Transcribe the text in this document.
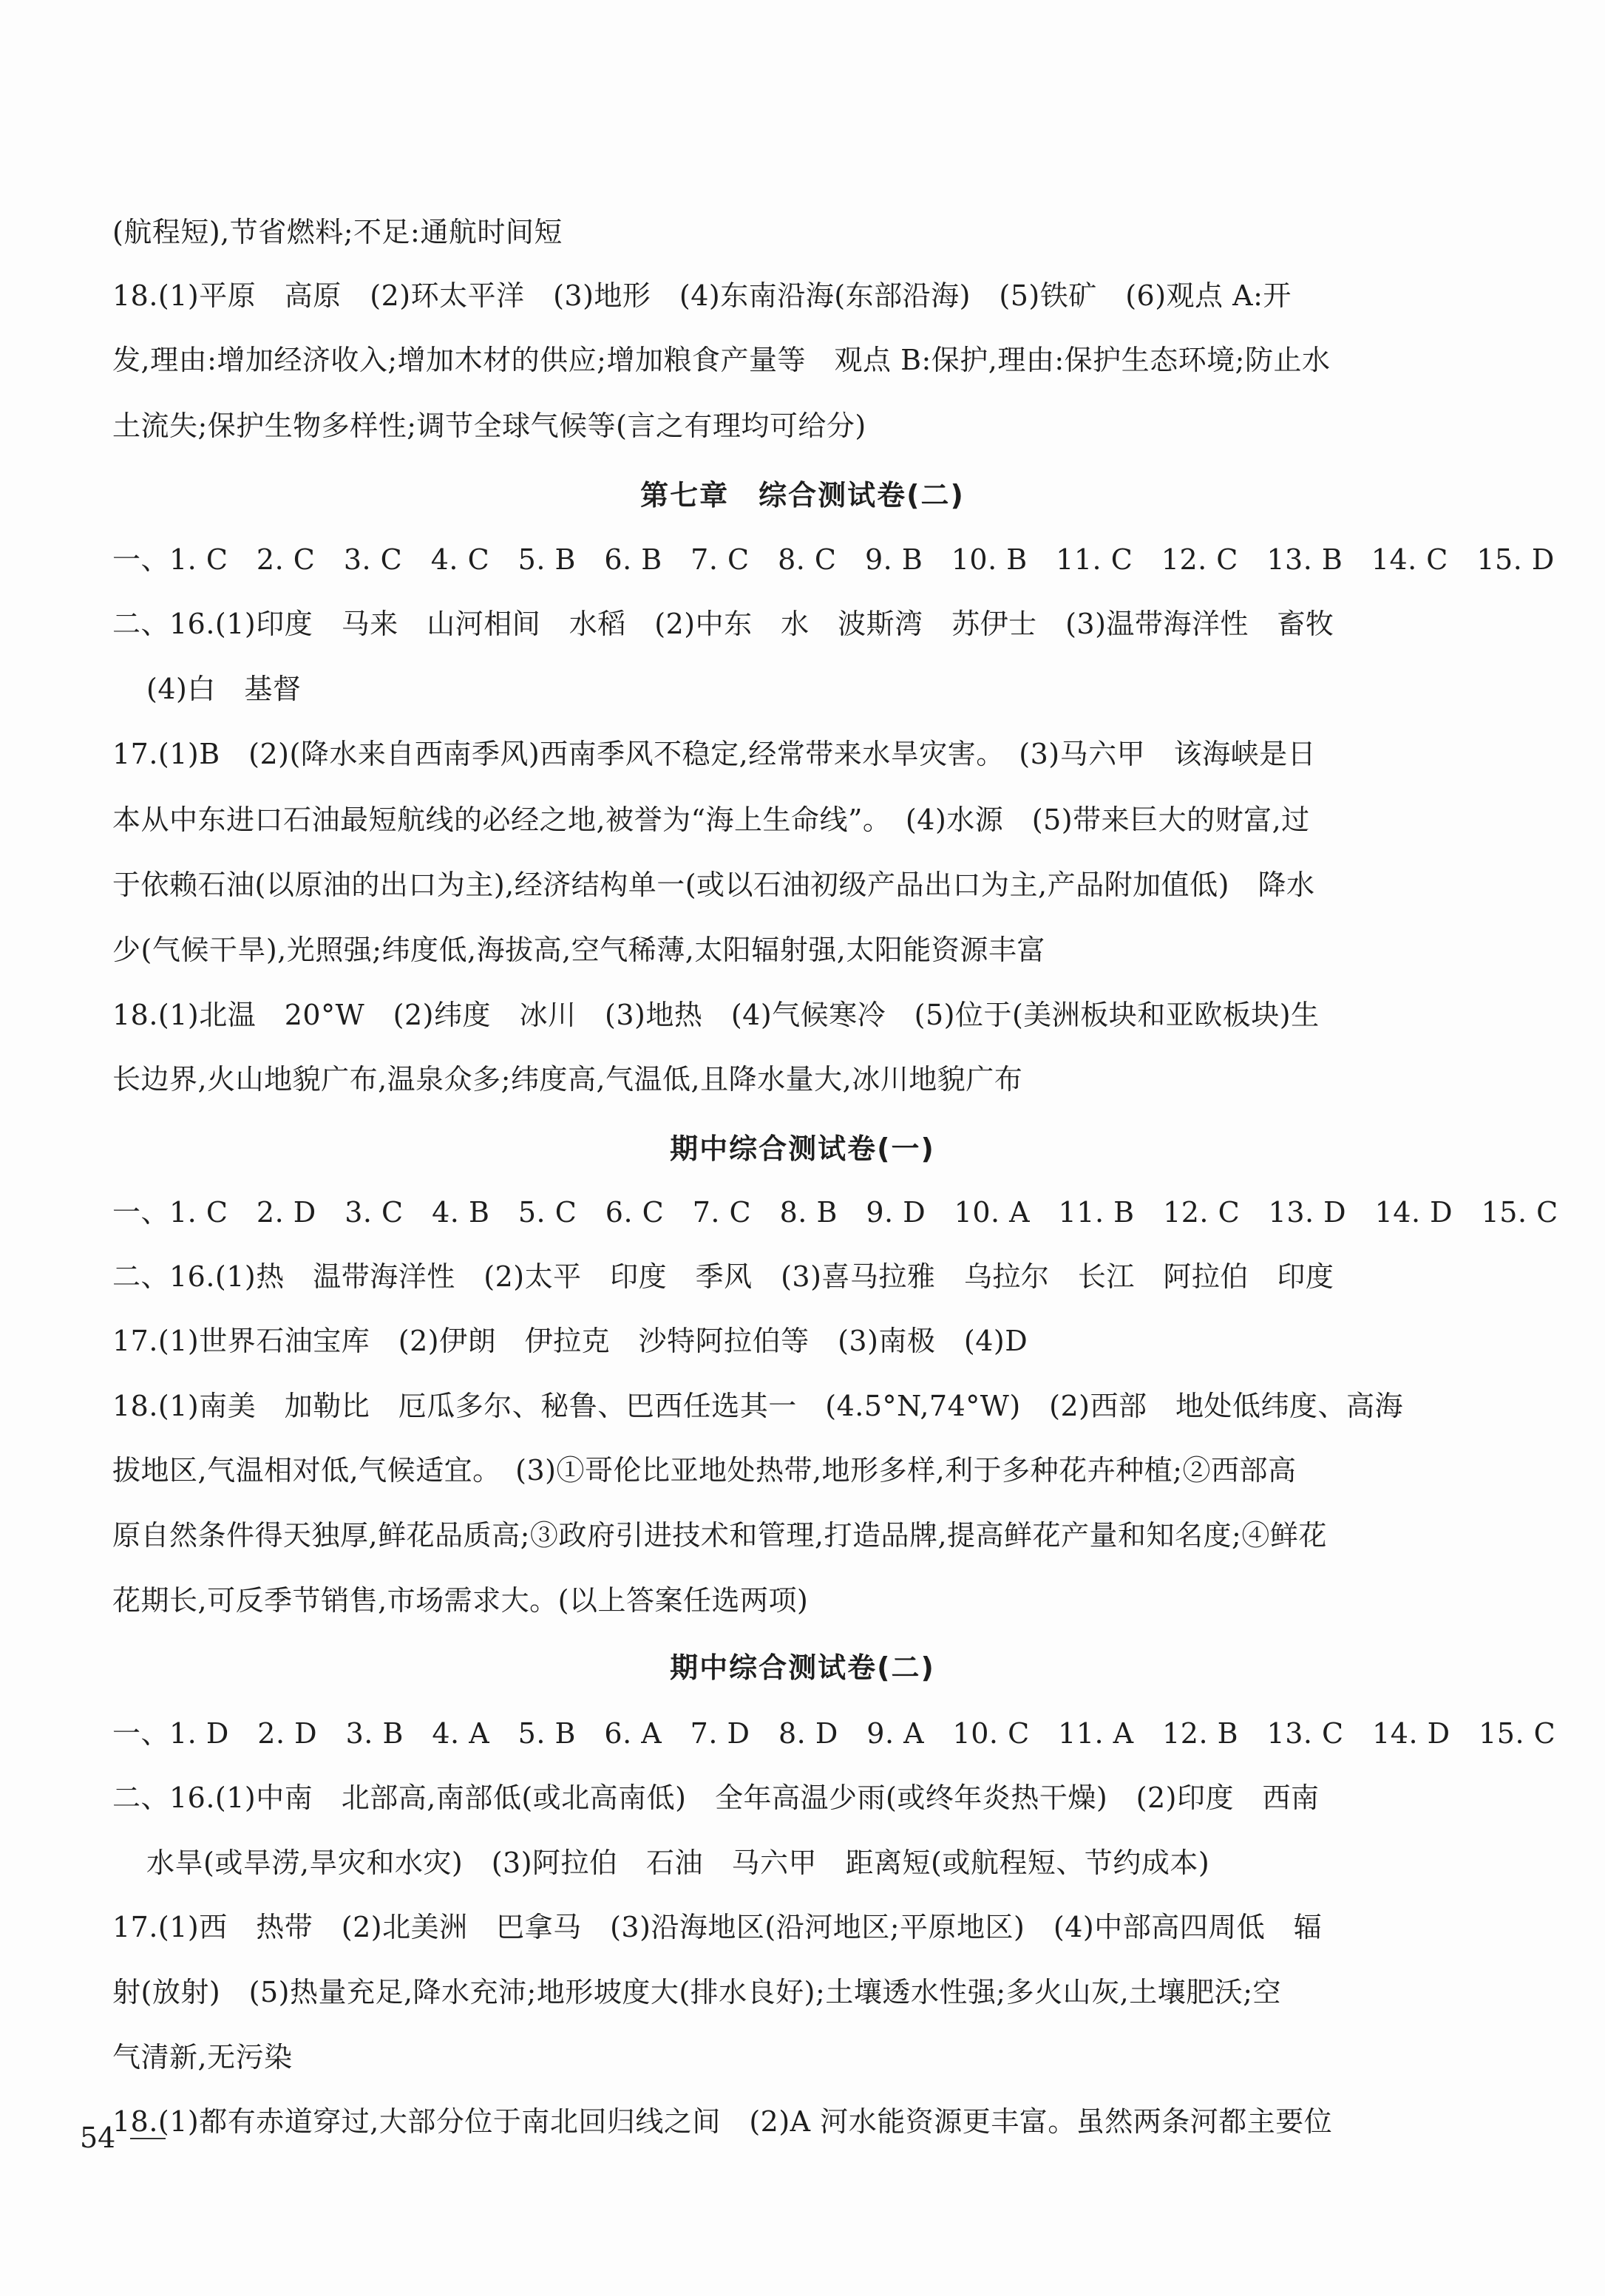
(航程短),节省燃料;不足:通航时间短
18.(1)平原　高原　(2)环太平洋　(3)地形　(4)东南沿海(东部沿海)　(5)铁矿　(6)观点 A:开
发,理由:增加经济收入;增加木材的供应;增加粮食产量等　观点 B:保护,理由:保护生态环境;防止水
土流失;保护生物多样性;调节全球气候等(言之有理均可给分)
第七章　综合测试卷(二)
一、1. C　2. C　3. C　4. C　5. B　6. B　7. C　8. C　9. B　10. B　11. C　12. C　13. B　14. C　15. D
二、16.(1)印度　马来　山河相间　水稻　(2)中东　水　波斯湾　苏伊士　(3)温带海洋性　畜牧
(4)白　基督
17.(1)B　(2)(降水来自西南季风)西南季风不稳定,经常带来水旱灾害。　(3)马六甲　该海峡是日
本从中东进口石油最短航线的必经之地,被誉为“海上生命线”。　(4)水源　(5)带来巨大的财富,过
于依赖石油(以原油的出口为主),经济结构单一(或以石油初级产品出口为主,产品附加值低)　降水
少(气候干旱),光照强;纬度低,海拔高,空气稀薄,太阳辐射强,太阳能资源丰富
18.(1)北温　20°W　(2)纬度　冰川　(3)地热　(4)气候寒冷　(5)位于(美洲板块和亚欧板块)生
长边界,火山地貌广布,温泉众多;纬度高,气温低,且降水量大,冰川地貌广布
期中综合测试卷(一)
一、1. C　2. D　3. C　4. B　5. C　6. C　7. C　8. B　9. D　10. A　11. B　12. C　13. D　14. D　15. C
二、16.(1)热　温带海洋性　(2)太平　印度　季风　(3)喜马拉雅　乌拉尔　长江　阿拉伯　印度
17.(1)世界石油宝库　(2)伊朗　伊拉克　沙特阿拉伯等　(3)南极　(4)D
18.(1)南美　加勒比　厄瓜多尔、秘鲁、巴西任选其一　(4.5°N,74°W)　(2)西部　地处低纬度、高海
拔地区,气温相对低,气候适宜。　(3)①哥伦比亚地处热带,地形多样,利于多种花卉种植;②西部高
原自然条件得天独厚,鲜花品质高;③政府引进技术和管理,打造品牌,提高鲜花产量和知名度;④鲜花
花期长,可反季节销售,市场需求大。(以上答案任选两项)
期中综合测试卷(二)
一、1. D　2. D　3. B　4. A　5. B　6. A　7. D　8. D　9. A　10. C　11. A　12. B　13. C　14. D　15. C
二、16.(1)中南　北部高,南部低(或北高南低)　全年高温少雨(或终年炎热干燥)　(2)印度　西南
水旱(或旱涝,旱灾和水灾)　(3)阿拉伯　石油　马六甲　距离短(或航程短、节约成本)
17.(1)西　热带　(2)北美洲　巴拿马　(3)沿海地区(沿河地区;平原地区)　(4)中部高四周低　辐
射(放射)　(5)热量充足,降水充沛;地形坡度大(排水良好);土壤透水性强;多火山灰,土壤肥沃;空
气清新,无污染
18.(1)都有赤道穿过,大部分位于南北回归线之间　(2)A 河水能资源更丰富。虽然两条河都主要位
54
